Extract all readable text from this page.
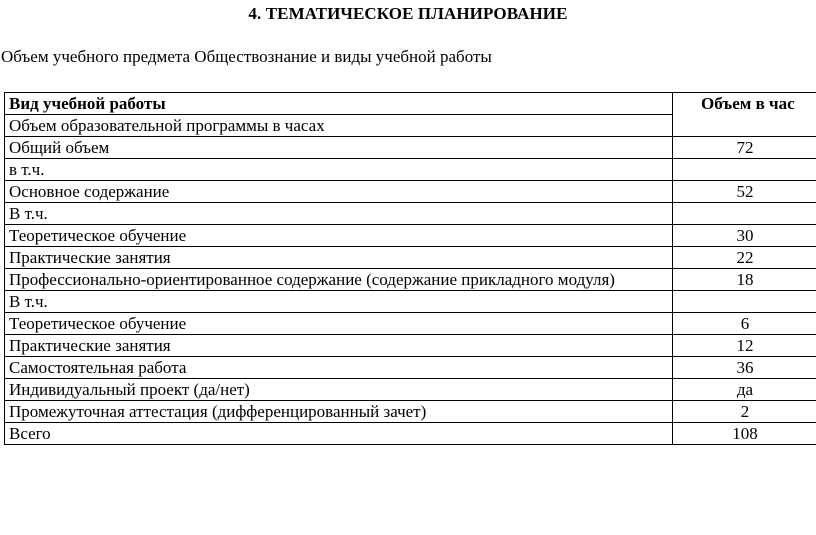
4. ТЕМАТИЧЕСКОЕ ПЛАНИРОВАНИЕ
Объем учебного предмета Обществознание и виды учебной работы
Вид учебной работы	Объем в час
Объем образовательной программы в часах	
Общий объем	72

в т.ч.	

Основное содержание	52

В т.ч.	

Теоретическое обучение	30

Практические занятия	22

Профессионально-ориентированное содержание (содержание прикладного модуля)	18

В т.ч.	

Теоретическое обучение	6

Практические занятия	12

Самостоятельная работа	36

Индивидуальный проект (да/нет)	да

Промежуточная аттестация (дифференцированный зачет)	2

Всего	108
